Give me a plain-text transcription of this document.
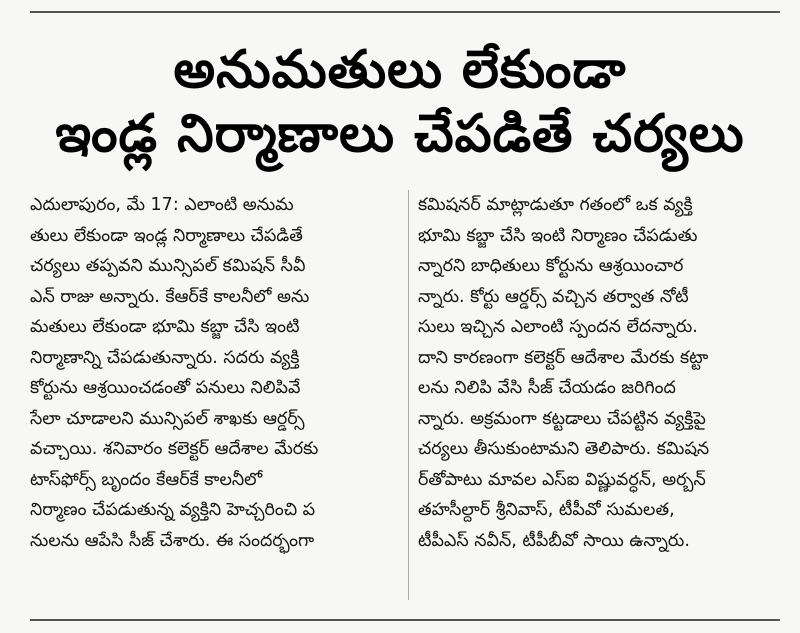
అనుమతులు లేకుండా
ఇండ్ల నిర్మాణాలు చేపడితే చర్యలు
ఎదులాపురం, మే 17: ఎలాంటి అనుమ
తులు లేకుండా ఇండ్ల నిర్మాణాలు చేపడితే
చర్యలు తప్పవని మున్సిపల్ కమిషన్ సీవీ
ఎన్ రాజు అన్నారు. కేఆర్‌కే కాలనీలో అను
మతులు లేకుండా భూమి కబ్జా చేసి ఇంటి
నిర్మాణాన్ని చేపడుతున్నారు. సదరు వ్యక్తి
కోర్టును ఆశ్రయించడంతో పనులు నిలిపివే
సేలా చూడాలని మున్సిపల్ శాఖకు ఆర్డర్స్
వచ్చాయి. శనివారం కలెక్టర్ ఆదేశాల మేరకు
టాస్‌ఫోర్స్ బృందం కేఆర్‌కే కాలనీలో
నిర్మాణం చేపడుతున్న వ్యక్తిని హెచ్చరించి ప
నులను ఆపేసి సీజ్ చేశారు. ఈ సందర్భంగా
కమిషనర్ మాట్లాడుతూ గతంలో ఒక వ్యక్తి
భూమి కబ్జా చేసి ఇంటి నిర్మాణం చేపడుతు
న్నారని బాధితులు కోర్టును ఆశ్రయించార
న్నారు. కోర్టు ఆర్డర్స్ వచ్చిన తర్వాత నోటీ
సులు ఇచ్చిన ఎలాంటి స్పందన లేదన్నారు.
దాని కారణంగా కలెక్టర్ ఆదేశాల మేరకు కట్టా
లను నిలిపి వేసి సీజ్ చేయడం జరిగింద
న్నారు. అక్రమంగా కట్టడాలు చేపట్టిన వ్యక్తిపై
చర్యలు తీసుకుంటామని తెలిపారు. కమిషన
ర్‌తోపాటు మావల ఎస్ఐ విష్ణువర్ధన్, అర్బన్
తహసీల్దార్ శ్రీనివాస్, టీపీవో సుమలత,
టీపీఎస్ నవీన్, టీపీబీవో సాయి ఉన్నారు.
